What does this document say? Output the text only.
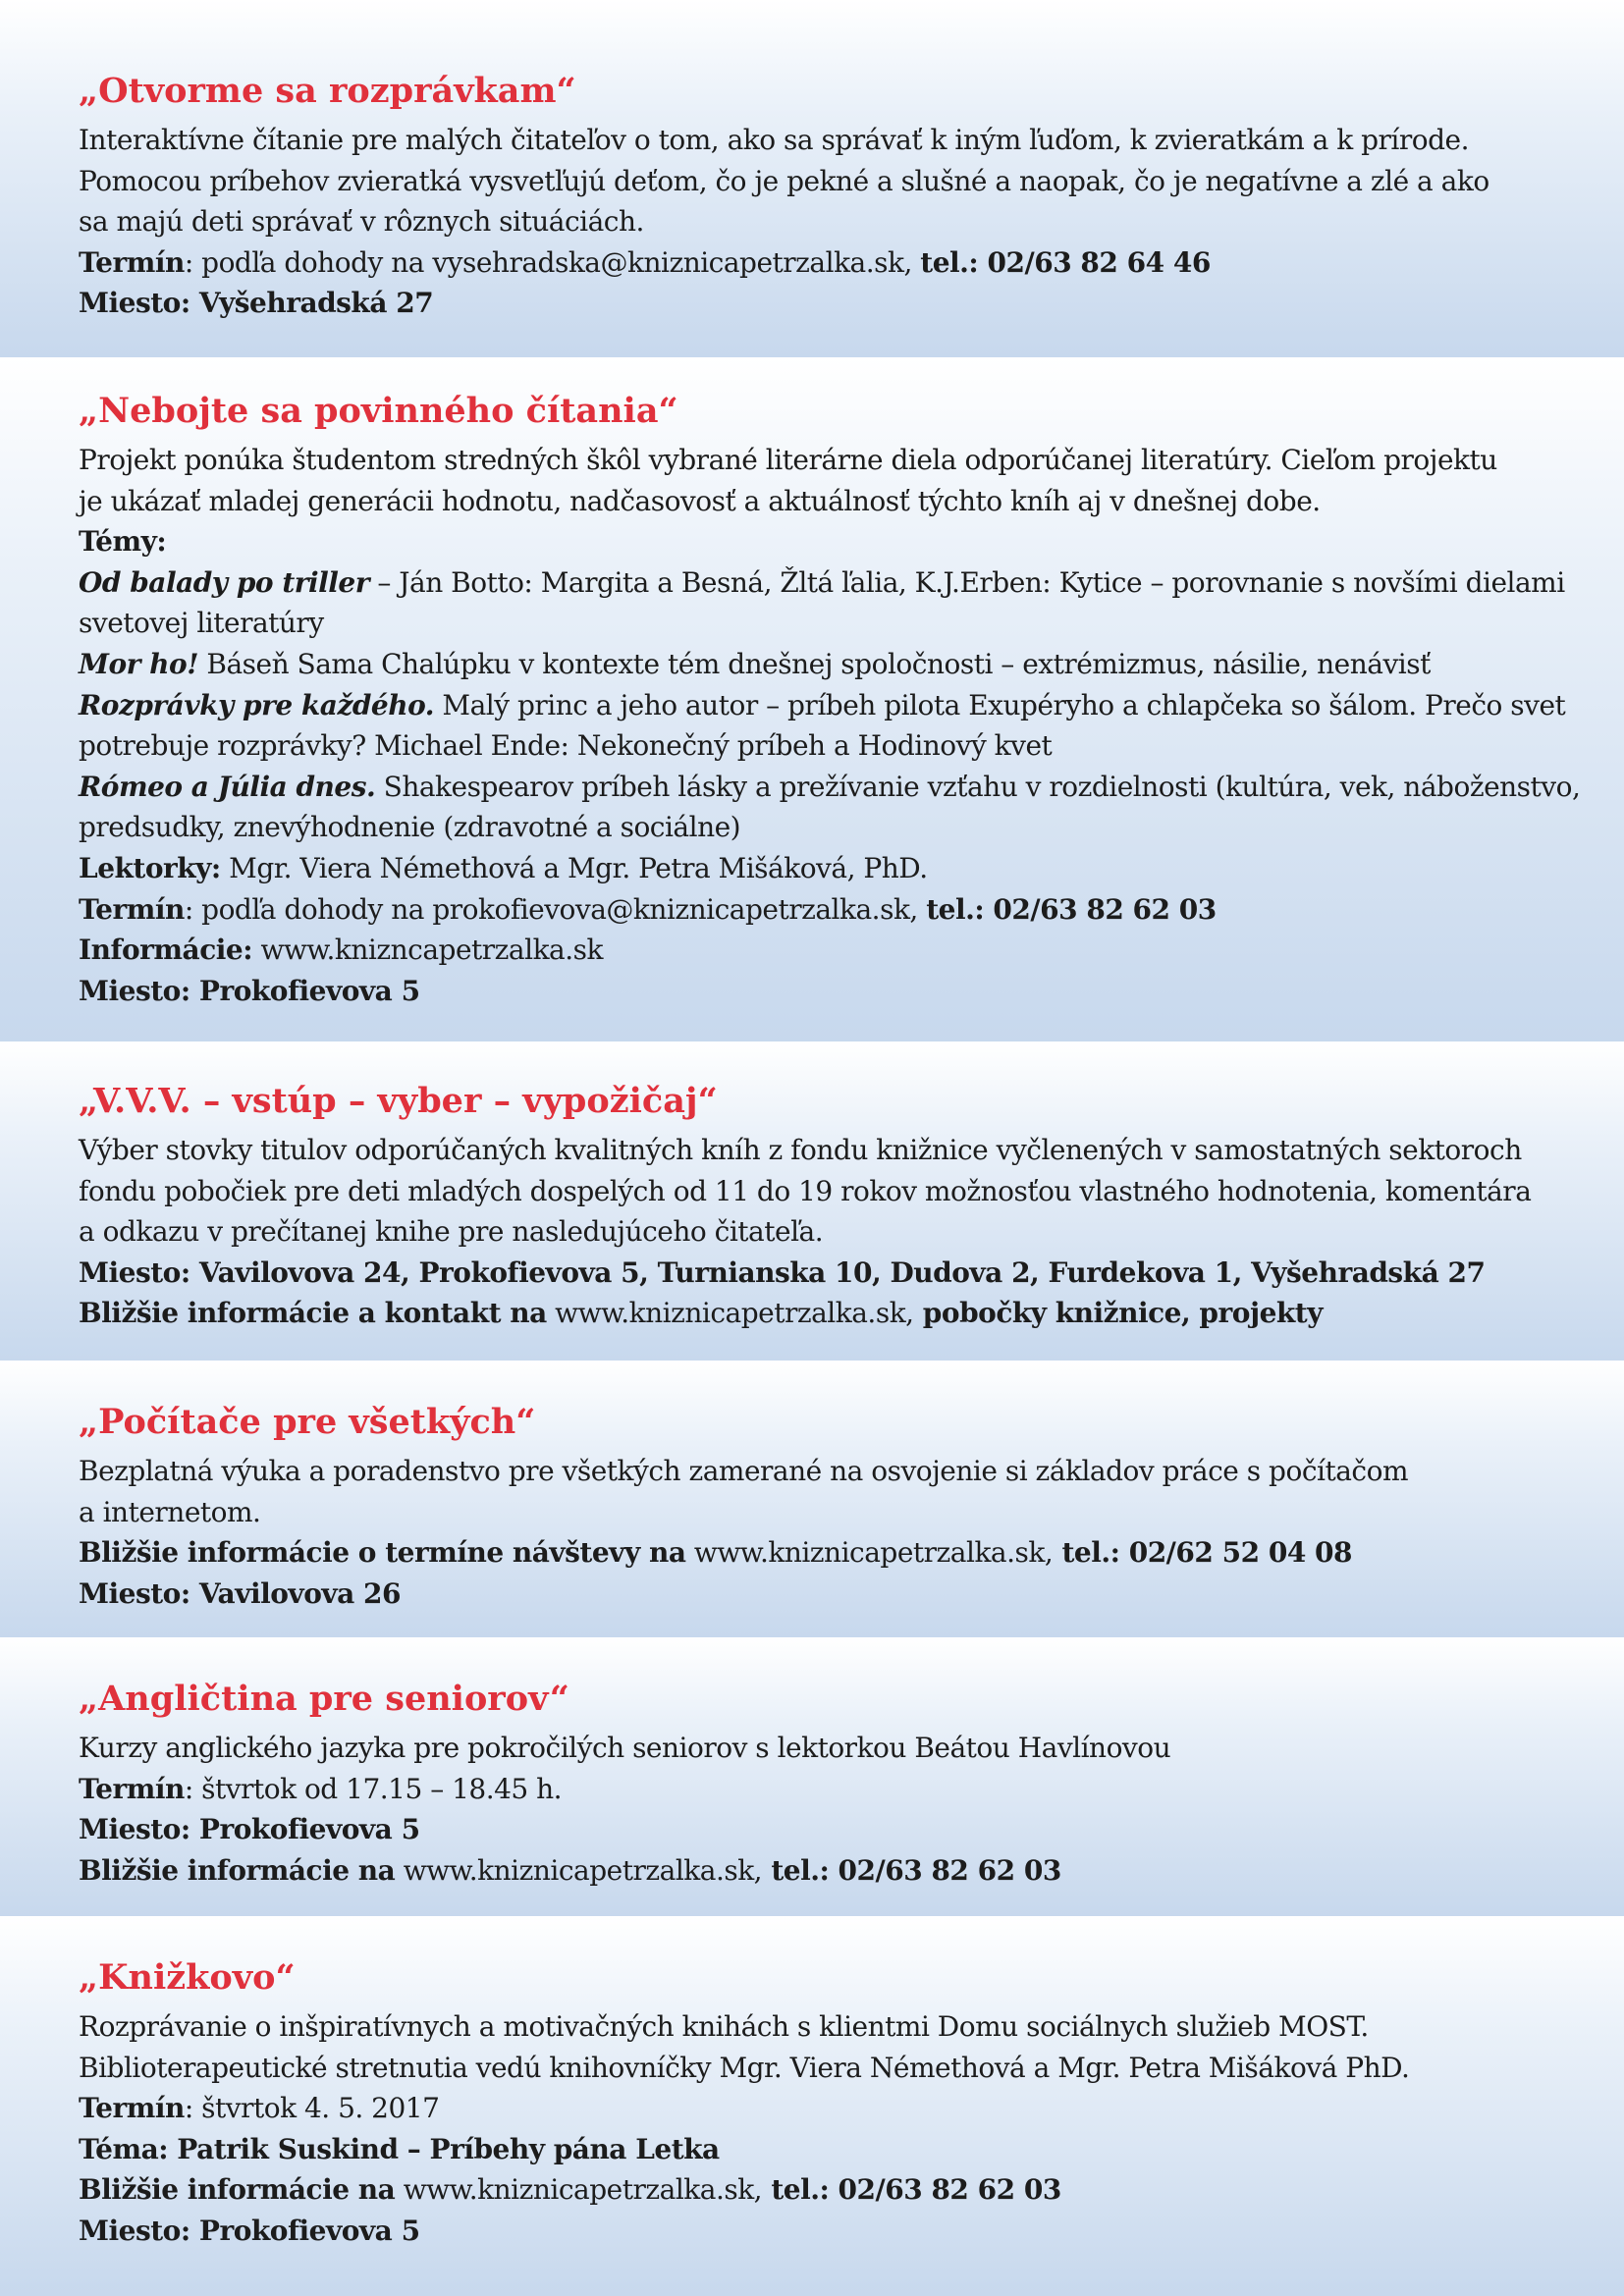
„Otvorme sa rozprávkam“
Interaktívne čítanie pre malých čitateľov o tom, ako sa správať k iným ľuďom, k zvieratkám a k prírode.
Pomocou príbehov zvieratká vysvetľujú deťom, čo je pekné a slušné a naopak, čo je negatívne a zlé a ako
sa majú deti správať v rôznych situáciách.
Termín: podľa dohody na vysehradska@kniznicapetrzalka.sk, tel.: 02/63 82 64 46
Miesto: Vyšehradská 27
„Nebojte sa povinného čítania“
Projekt ponúka študentom stredných škôl vybrané literárne diela odporúčanej literatúry. Cieľom projektu
je ukázať mladej generácii hodnotu, nadčasovosť a aktuálnosť týchto kníh aj v dnešnej dobe.
Témy:
Od balady po triller – Ján Botto: Margita a Besná, Žltá ľalia, K.J.Erben: Kytice – porovnanie s novšími dielami
svetovej literatúry
Mor ho! Báseň Sama Chalúpku v kontexte tém dnešnej spoločnosti – extrémizmus, násilie, nenávisť
Rozprávky pre každého. Malý princ a jeho autor – príbeh pilota Exupéryho a chlapčeka so šálom. Prečo svet
potrebuje rozprávky? Michael Ende: Nekonečný príbeh a Hodinový kvet
Rómeo a Júlia dnes. Shakespearov príbeh lásky a prežívanie vzťahu v rozdielnosti (kultúra, vek, náboženstvo,
predsudky, znevýhodnenie (zdravotné a sociálne)
Lektorky: Mgr. Viera Némethová a Mgr. Petra Mišáková, PhD.
Termín: podľa dohody na prokofievova@kniznicapetrzalka.sk, tel.: 02/63 82 62 03
Informácie: www.knizncapetrzalka.sk
Miesto: Prokofievova 5
„V.V.V. – vstúp – vyber – vypožičaj“
Výber stovky titulov odporúčaných kvalitných kníh z fondu knižnice vyčlenených v samostatných sektoroch
fondu pobočiek pre deti mladých dospelých od 11 do 19 rokov možnosťou vlastného hodnotenia, komentára
a odkazu v prečítanej knihe pre nasledujúceho čitateľa.
Miesto: Vavilovova 24, Prokofievova 5, Turnianska 10, Dudova 2, Furdekova 1, Vyšehradská 27
Bližšie informácie a kontakt na www.kniznicapetrzalka.sk, pobočky knižnice, projekty
„Počítače pre všetkých“
Bezplatná výuka a poradenstvo pre všetkých zamerané na osvojenie si základov práce s počítačom
a internetom.
Bližšie informácie o termíne návštevy na www.kniznicapetrzalka.sk, tel.: 02/62 52 04 08
Miesto: Vavilovova 26
„Angličtina pre seniorov“
Kurzy anglického jazyka pre pokročilých seniorov s lektorkou Beátou Havlínovou
Termín: štvrtok od 17.15 – 18.45 h.
Miesto: Prokofievova 5
Bližšie informácie na www.kniznicapetrzalka.sk, tel.: 02/63 82 62 03
„Knižkovo“
Rozprávanie o inšpiratívnych a motivačných knihách s klientmi Domu sociálnych služieb MOST.
Biblioterapeutické stretnutia vedú knihovníčky Mgr. Viera Némethová a Mgr. Petra Mišáková PhD.
Termín: štvrtok 4. 5. 2017
Téma: Patrik Suskind – Príbehy pána Letka
Bližšie informácie na www.kniznicapetrzalka.sk, tel.: 02/63 82 62 03
Miesto: Prokofievova 5
